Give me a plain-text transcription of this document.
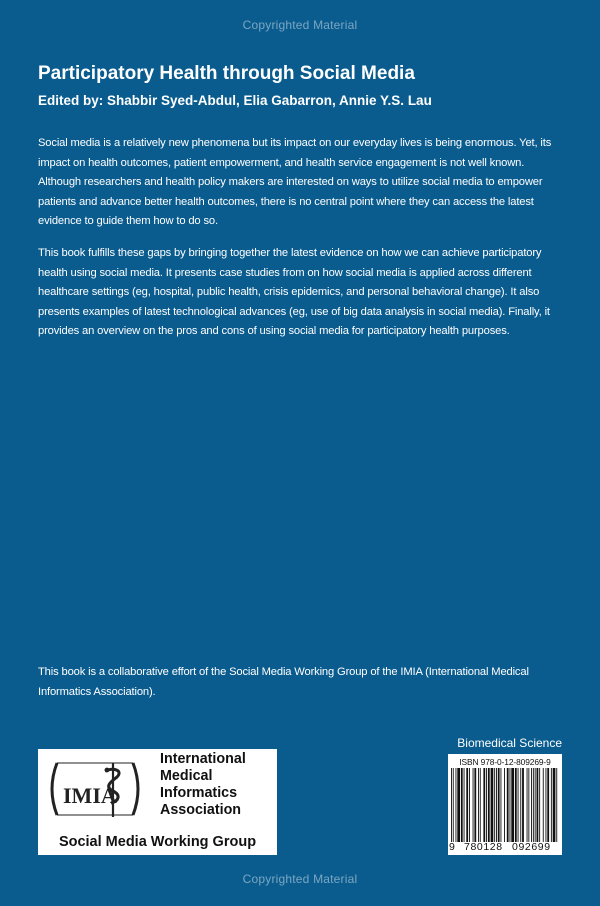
Copyrighted Material
Participatory Health through Social Media
Edited by: Shabbir Syed-Abdul, Elia Gabarron, Annie Y.S. Lau

Social media is a relatively new phenomena but its impact on our everyday lives is being enormous. Yet, its impact on health outcomes, patient empowerment, and health service engagement is not well known. Although researchers and health policy makers are interested on ways to utilize social media to empower patients and advance better health outcomes, there is no central point where they can access the latest evidence to guide them how to do so.

This book fulfills these gaps by bringing together the latest evidence on how we can achieve participatory health using social media. It presents case studies from on how social media is applied across different healthcare settings (eg, hospital, public health, crisis epidemics, and personal behavioral change). It also presents examples of latest technological advances (eg, use of big data analysis in social media). Finally, it provides an overview on the pros and cons of using social media for participatory health purposes.

This book is a collaborative effort of the Social Media Working Group of the IMIA (International Medical Informatics Association).

IMIA
International
Medical
Informatics
Association
Social Media Working Group
Biomedical Science
ISBN 978-0-12-809269-9
9 780128 092699
Copyrighted Material
